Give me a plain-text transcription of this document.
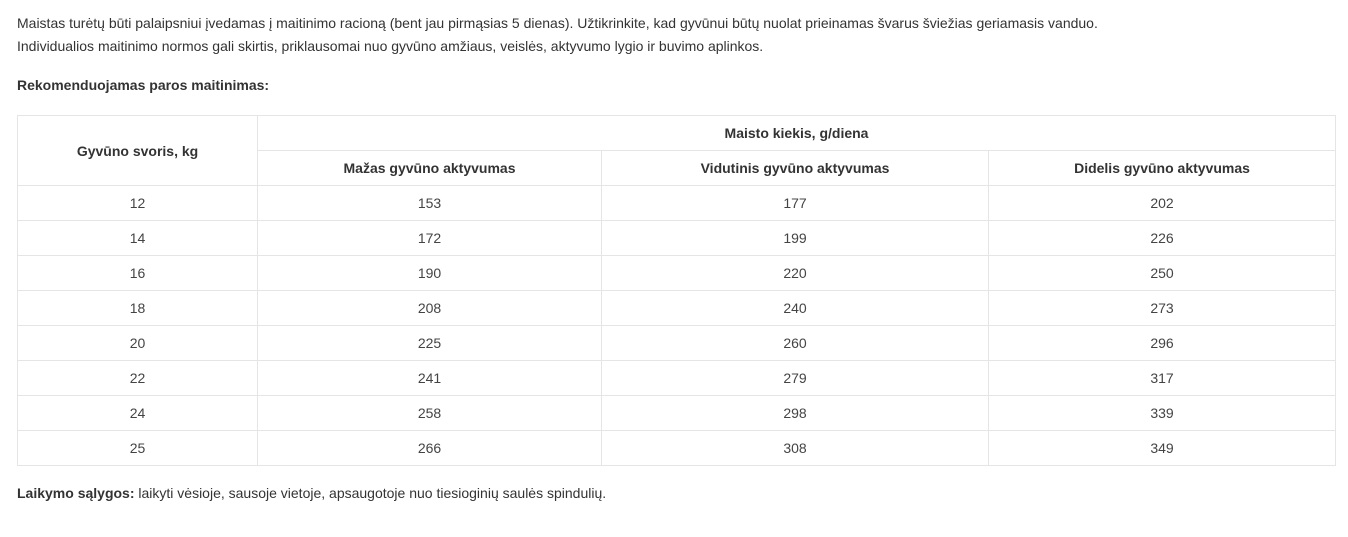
Maistas turėtų būti palaipsniui įvedamas į maitinimo racioną (bent jau pirmąsias 5 dienas). Užtikrinkite, kad gyvūnui būtų nuolat prieinamas švarus šviežias geriamasis vanduo.

Individualios maitinimo normos gali skirtis, priklausomai nuo gyvūno amžiaus, veislės, aktyvumo lygio ir buvimo aplinkos.

Rekomenduojamas paros maitinimas:

Gyvūno svoris, kg	Maisto kiekis, g/diena		
	Mažas gyvūno aktyvumas	Vidutinis gyvūno aktyvumas	Didelis gyvūno aktyvumas
12	153	177	202
14	172	199	226
16	190	220	250
18	208	240	273
20	225	260	296
22	241	279	317
24	258	298	339
25	266	308	349

Laikymo sąlygos: laikyti vėsioje, sausoje vietoje, apsaugotoje nuo tiesioginių saulės spindulių.
